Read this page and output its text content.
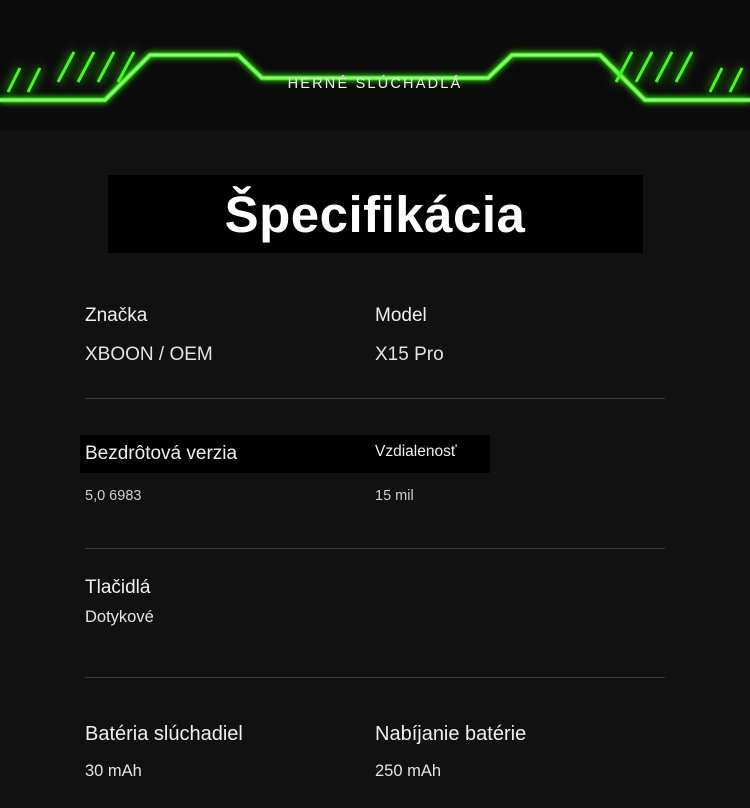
HERNÉ SLÚCHADLÁ
Špecifikácia
Značka	Model
XBOON / OEM	X15 Pro
Bezdrôtová verzia	Vzdialenosť
5,0 6983	15 mil
Tlačidlá
Dotykové
Batéria slúchadiel	Nabíjanie batérie
30 mAh	250 mAh
